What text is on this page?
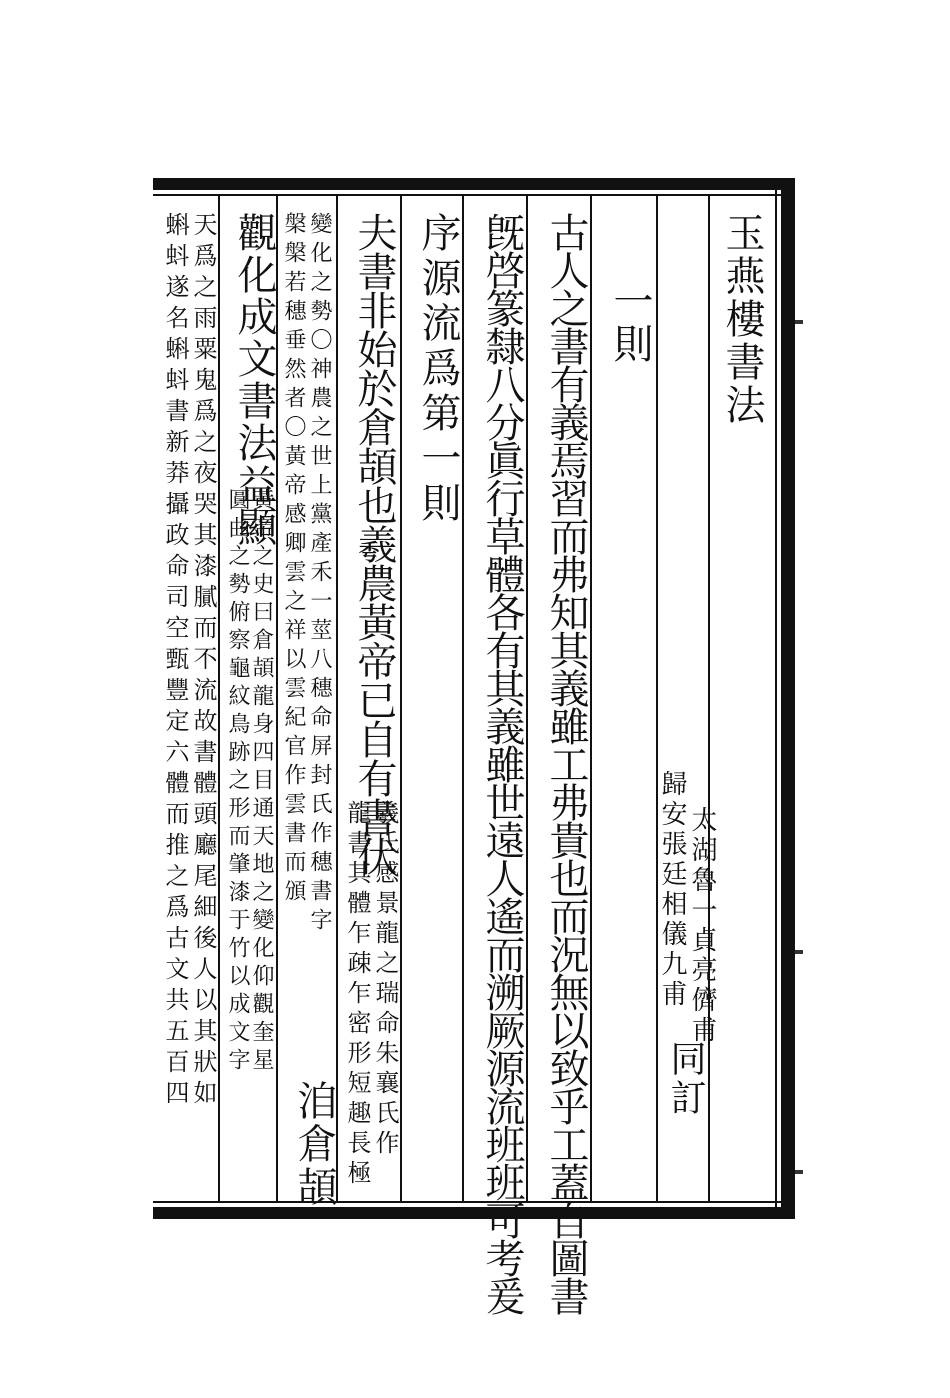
玉燕樓書法
太湖魯一貞亮儕甫
歸安張廷相儀九甫
同訂
一則
古人之書有義焉習而弗知其義雖工弗貴也而況無以致乎工蓋自圖書
旣啓篆隸八分眞行草體各有其義雖世遠人遙而溯厥源流班班可考爰
序源流爲第一則
夫書非始於倉頡也羲農黃帝已自有書伏
羲氏感景龍之瑞命朱襄氏作
龍書其體乍疎乍密形短趣長極
變化之勢〇神農之世上黨產禾一莖八穗命屏封氏作穗書字
槃槃若穗垂然者〇黃帝感卿雲之祥以雲紀官作雲書而頒
洎倉頡
觀化成文書法益顯
黃帝之史曰倉頡龍身四目通天地之變化仰觀奎星
圓曲之勢俯察龜紋鳥跡之形而肇漆于竹以成文字
天爲之雨粟鬼爲之夜哭其漆膩而不流故書體頭廳尾細後人以其狀如
蝌蚪遂名蝌蚪書新莽攝政命司空甄豐定六體而推之爲古文共五百四
